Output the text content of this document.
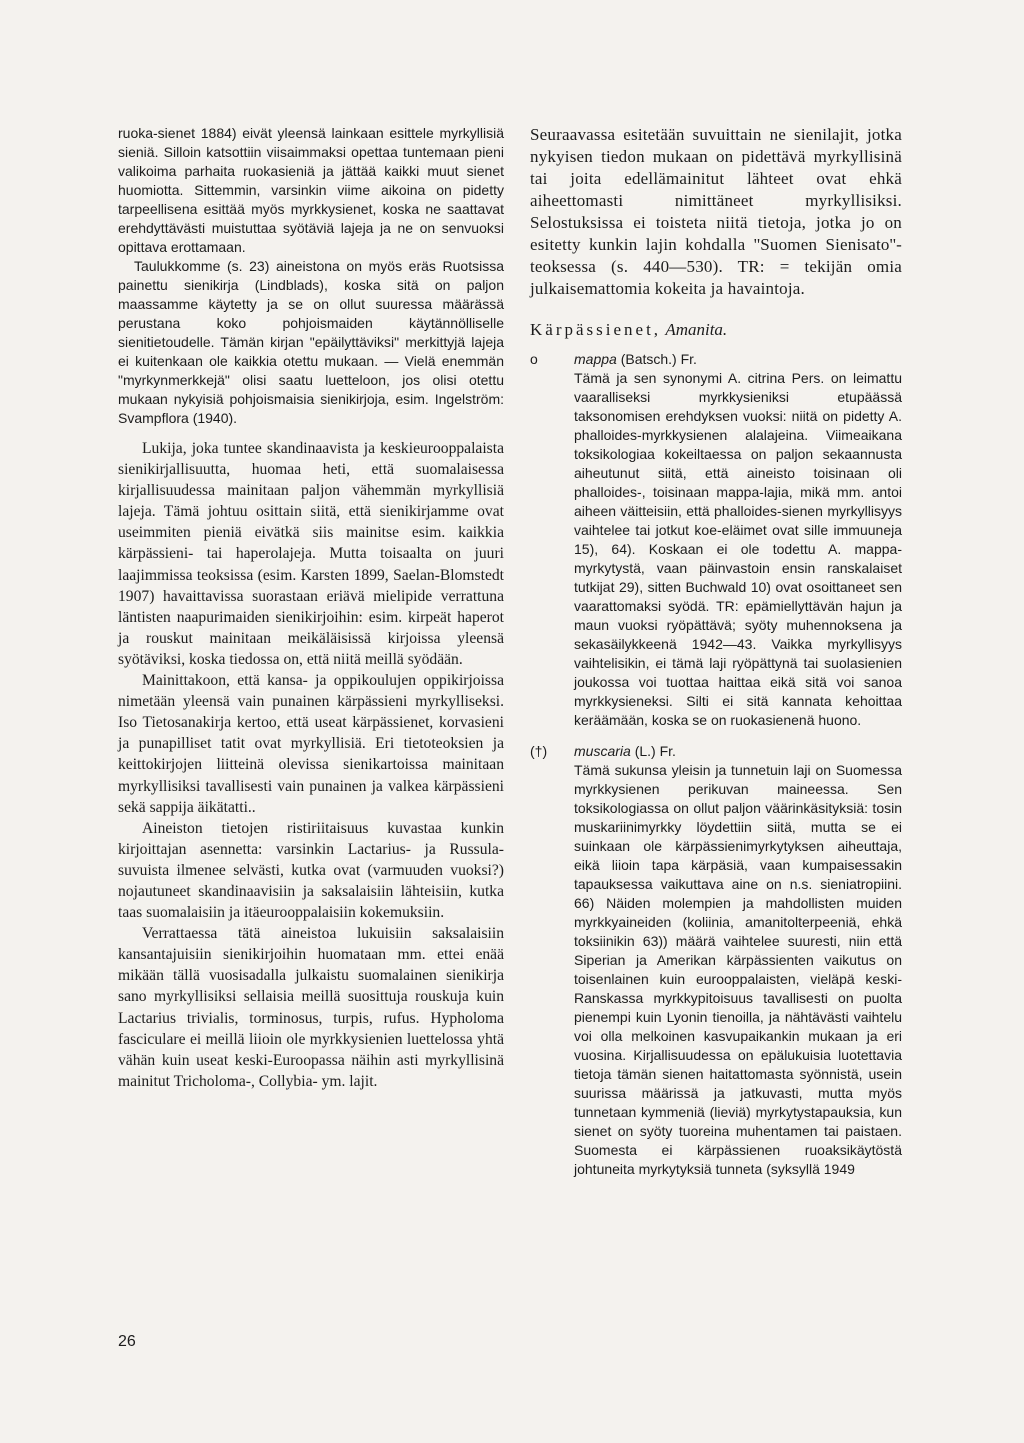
ruoka-sienet 1884) eivät yleensä lainkaan esittele myrkyllisiä sieniä. Silloin katsottiin viisaimmaksi opettaa tuntemaan pieni valikoima parhaita ruokasieniä ja jättää kaikki muut sienet huomiotta. Sittemmin, varsinkin viime aikoina on pidetty tarpeellisena esittää myös myrkkysienet, koska ne saattavat erehdyttävästi muistuttaa syötäviä lajeja ja ne on senvuoksi opittava erottamaan.

Taulukkomme (s. 23) aineistona on myös eräs Ruotsissa painettu sienikirja (Lindblads), koska sitä on paljon maassamme käytetty ja se on ollut suuressa määrässä perustana koko pohjoismaiden käytännölliselle sienitietoudelle. Tämän kirjan "epäilyttäviksi" merkittyjä lajeja ei kuitenkaan ole kaikkia otettu mukaan. — Vielä enemmän "myrkynmerkkejä" olisi saatu luetteloon, jos olisi otettu mukaan nykyisiä pohjoismaisia sienikirjoja, esim. Ingelström: Svampflora (1940).

Lukija, joka tuntee skandinaavista ja keskieurooppalaista sienikirjallisuutta, huomaa heti, että suomalaisessa kirjallisuudessa mainitaan paljon vähemmän myrkyllisiä lajeja. Tämä johtuu osittain siitä, että sienikirjamme ovat useimmiten pieniä eivätkä siis mainitse esim. kaikkia kärpässieni- tai haperolajeja. Mutta toisaalta on juuri laajimmissa teoksissa (esim. Karsten 1899, Saelan-Blomstedt 1907) havaittavissa suorastaan eriävä mielipide verrattuna läntisten naapurimaiden sienikirjoihin: esim. kirpeät haperot ja rouskut mainitaan meikäläisissä kirjoissa yleensä syötäviksi, koska tiedossa on, että niitä meillä syödään.

Mainittakoon, että kansa- ja oppikoulujen oppikirjoissa nimetään yleensä vain punainen kärpässieni myrkylliseksi. Iso Tietosanakirja kertoo, että useat kärpässienet, korvasieni ja punapilliset tatit ovat myrkyllisiä. Eri tietoteoksien ja keittokirjojen liitteinä olevissa sienikartoissa mainitaan myrkyllisiksi tavallisesti vain punainen ja valkea kärpässieni sekä sappija äikätatti..

Aineiston tietojen ristiriitaisuus kuvastaa kunkin kirjoittajan asennetta: varsinkin Lactarius- ja Russula-suvuista ilmenee selvästi, kutka ovat (varmuuden vuoksi?) nojautuneet skandinaavisiin ja saksalaisiin lähteisiin, kutka taas suomalaisiin ja itäeurooppalaisiin kokemuksiin.

Verrattaessa tätä aineistoa lukuisiin saksalaisiin kansantajuisiin sienikirjoihin huomataan mm. ettei enää mikään tällä vuosisadalla julkaistu suomalainen sienikirja sano myrkyllisiksi sellaisia meillä suosittuja rouskuja kuin Lactarius trivialis, torminosus, turpis, rufus. Hypholoma fasciculare ei meillä liioin ole myrkkysienien luettelossa yhtä vähän kuin useat keski-Euroopassa näihin asti myrkyllisinä mainitut Tricholoma-, Collybia- ym. lajit.

Seuraavassa esitetään suvuittain ne sienilajit, jotka nykyisen tiedon mukaan on pidettävä myrkyllisinä tai joita edellämainitut lähteet ovat ehkä aiheettomasti nimittäneet myrkyllisiksi. Selostuksissa ei toisteta niitä tietoja, jotka jo on esitetty kunkin lajin kohdalla ''Suomen Sienisato''-teoksessa (s. 440—530). TR: = tekijän omia julkaisemattomia kokeita ja havaintoja.

Kärpässienet, Amanita.
o	mappa (Batsch.) Fr.

Tämä ja sen synonymi A. citrina Pers. on leimattu vaaralliseksi myrkkysieniksi etupäässä taksonomisen erehdyksen vuoksi: niitä on pidetty A. phalloides-myrkkysienen alalajeina. Viimeaikana toksikologiaa kokeiltaessa on paljon sekaannusta aiheutunut siitä, että aineisto toisinaan oli phalloides-, toisinaan mappa-lajia, mikä mm. antoi aiheen väitteisiin, että phalloides-sienen myrkyllisyys vaihtelee tai jotkut koe-eläimet ovat sille immuuneja 15), 64). Koskaan ei ole todettu A. mappa-myrkytystä, vaan päinvastoin ensin ranskalaiset tutkijat 29), sitten Buchwald 10) ovat osoittaneet sen vaarattomaksi syödä. TR: epämiellyttävän hajun ja maun vuoksi ryöpättävä; syöty muhennoksena ja sekasäilykkeenä 1942—43. Vaikka myrkyllisyys vaihtelisikin, ei tämä laji ryöpättynä tai suolasienien joukossa voi tuottaa haittaa eikä sitä voi sanoa myrkkysieneksi. Silti ei sitä kannata kehoittaa keräämään, koska se on ruokasienenä huono.

(†)	muscaria (L.) Fr.

Tämä sukunsa yleisin ja tunnetuin laji on Suomessa myrkkysienen perikuvan maineessa. Sen toksikologiassa on ollut paljon väärinkäsityksiä: tosin muskariinimyrkky löydettiin siitä, mutta se ei suinkaan ole kärpässienimyrkytyksen aiheuttaja, eikä liioin tapa kärpäsiä, vaan kumpaisessakin tapauksessa vaikuttava aine on n.s. sieniatropiini. 66) Näiden molempien ja mahdollisten muiden myrkkyaineiden (koliinia, amanitolterpeeniä, ehkä toksiinikin 63)) määrä vaihtelee suuresti, niin että Siperian ja Amerikan kärpässienten vaikutus on toisenlainen kuin eurooppalaisten, vieläpä keski-Ranskassa myrkkypitoisuus tavallisesti on puolta pienempi kuin Lyonin tienoilla, ja nähtävästi vaihtelu voi olla melkoinen kasvupaikankin mukaan ja eri vuosina. Kirjallisuudessa on epälukuisia luotettavia tietoja tämän sienen haitattomasta syönnistä, usein suurissa määrissä ja jatkuvasti, mutta myös tunnetaan kymmeniä (lieviä) myrkytystapauksia, kun sienet on syöty tuoreina muhentamen tai paistaen. Suomesta ei kärpässienen ruoaksikäytöstä johtuneita myrkytyksiä tunneta (syksyllä 1949

26
